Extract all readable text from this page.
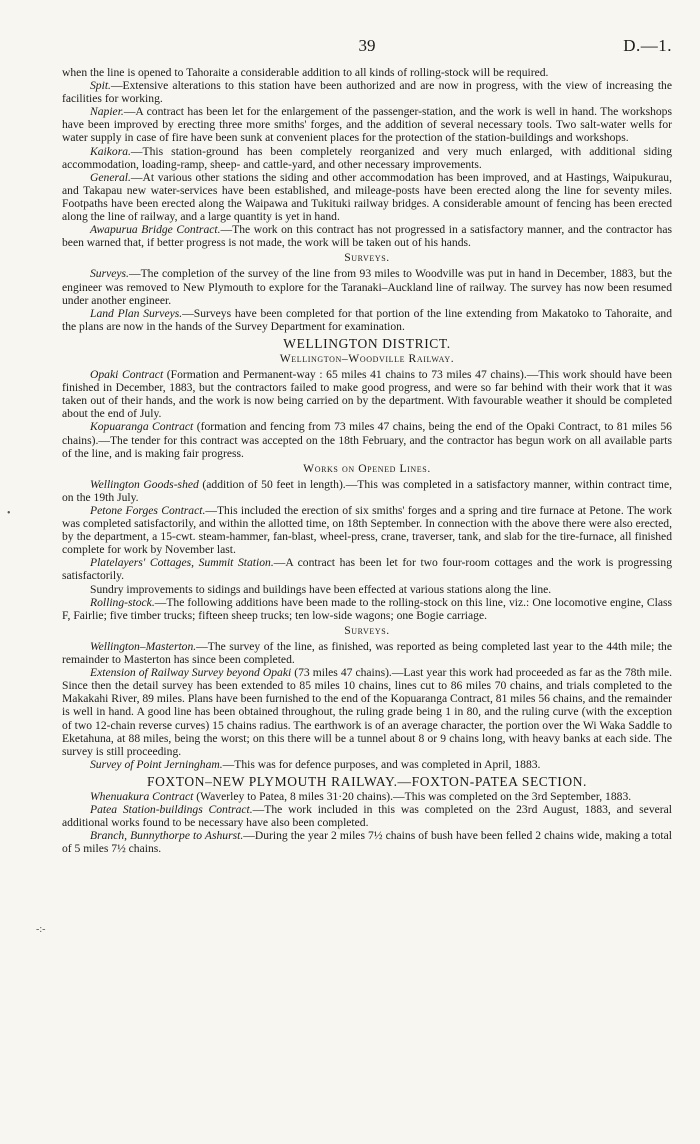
39	D.—1.

when the line is opened to Tahoraite a considerable addition to all kinds of rolling-stock will be required.

Spit.—Extensive alterations to this station have been authorized and are now in progress, with the view of increasing the facilities for working.

Napier.—A contract has been let for the enlargement of the passenger-station, and the work is well in hand. The workshops have been improved by erecting three more smiths' forges, and the addition of several necessary tools. Two salt-water wells for water supply in case of fire have been sunk at convenient places for the protection of the station-buildings and workshops.

Kaikora.—This station-ground has been completely reorganized and very much enlarged, with additional siding accommodation, loading-ramp, sheep- and cattle-yard, and other necessary improvements.

General.—At various other stations the siding and other accommodation has been improved, and at Hastings, Waipukurau, and Takapau new water-services have been established, and mileage-posts have been erected along the line for seventy miles. Footpaths have been erected along the Waipawa and Tukituki railway bridges. A considerable amount of fencing has been erected along the line of railway, and a large quantity is yet in hand.

Awapurua Bridge Contract.—The work on this contract has not progressed in a satisfactory manner, and the contractor has been warned that, if better progress is not made, the work will be taken out of his hands.

Surveys.

Surveys.—The completion of the survey of the line from 93 miles to Woodville was put in hand in December, 1883, but the engineer was removed to New Plymouth to explore for the Taranaki–Auckland line of railway. The survey has now been resumed under another engineer.

Land Plan Surveys.—Surveys have been completed for that portion of the line extending from Makatoko to Tahoraite, and the plans are now in the hands of the Survey Department for examination.

WELLINGTON DISTRICT.
Wellington–Woodville Railway.

Opaki Contract (Formation and Permanent-way : 65 miles 41 chains to 73 miles 47 chains).—This work should have been finished in December, 1883, but the contractors failed to make good progress, and were so far behind with their work that it was taken out of their hands, and the work is now being carried on by the department. With favourable weather it should be completed about the end of July.

Kopuaranga Contract (formation and fencing from 73 miles 47 chains, being the end of the Opaki Contract, to 81 miles 56 chains).—The tender for this contract was accepted on the 18th February, and the contractor has begun work on all available parts of the line, and is making fair progress.

Works on Opened Lines.

Wellington Goods-shed (addition of 50 feet in length).—This was completed in a satisfactory manner, within contract time, on the 19th July.

Petone Forges Contract.—This included the erection of six smiths' forges and a spring and tire furnace at Petone. The work was completed satisfactorily, and within the allotted time, on 18th September. In connection with the above there were also erected, by the department, a 15-cwt. steam-hammer, fan-blast, wheel-press, crane, traverser, tank, and slab for the tire-furnace, all finished complete for work by November last.

Platelayers' Cottages, Summit Station.—A contract has been let for two four-room cottages and the work is progressing satisfactorily.

Sundry improvements to sidings and buildings have been effected at various stations along the line.

Rolling-stock.—The following additions have been made to the rolling-stock on this line, viz.: One locomotive engine, Class F, Fairlie; five timber trucks; fifteen sheep trucks; ten low-side wagons; one Bogie carriage.

Surveys.

Wellington–Masterton.—The survey of the line, as finished, was reported as being completed last year to the 44th mile; the remainder to Masterton has since been completed.

Extension of Railway Survey beyond Opaki (73 miles 47 chains).—Last year this work had proceeded as far as the 78th mile. Since then the detail survey has been extended to 85 miles 10 chains, lines cut to 86 miles 70 chains, and trials completed to the Makakahi River, 89 miles. Plans have been furnished to the end of the Kopuaranga Contract, 81 miles 56 chains, and the remainder is well in hand. A good line has been obtained throughout, the ruling grade being 1 in 80, and the ruling curve (with the exception of two 12-chain reverse curves) 15 chains radius. The earthwork is of an average character, the portion over the Wi Waka Saddle to Eketahuna, at 88 miles, being the worst; on this there will be a tunnel about 8 or 9 chains long, with heavy banks at each side. The survey is still proceeding.

Survey of Point Jerningham.—This was for defence purposes, and was completed in April, 1883.

FOXTON–NEW PLYMOUTH RAILWAY.—FOXTON-PATEA SECTION.

Whenuakura Contract (Waverley to Patea, 8 miles 31·20 chains).—This was completed on the 3rd September, 1883.

Patea Station-buildings Contract.—The work included in this was completed on the 23rd August, 1883, and several additional works found to be necessary have also been completed.

Branch, Bunnythorpe to Ashurst.—During the year 2 miles 7½ chains of bush have been felled 2 chains wide, making a total of 5 miles 7½ chains.

•
-:-
